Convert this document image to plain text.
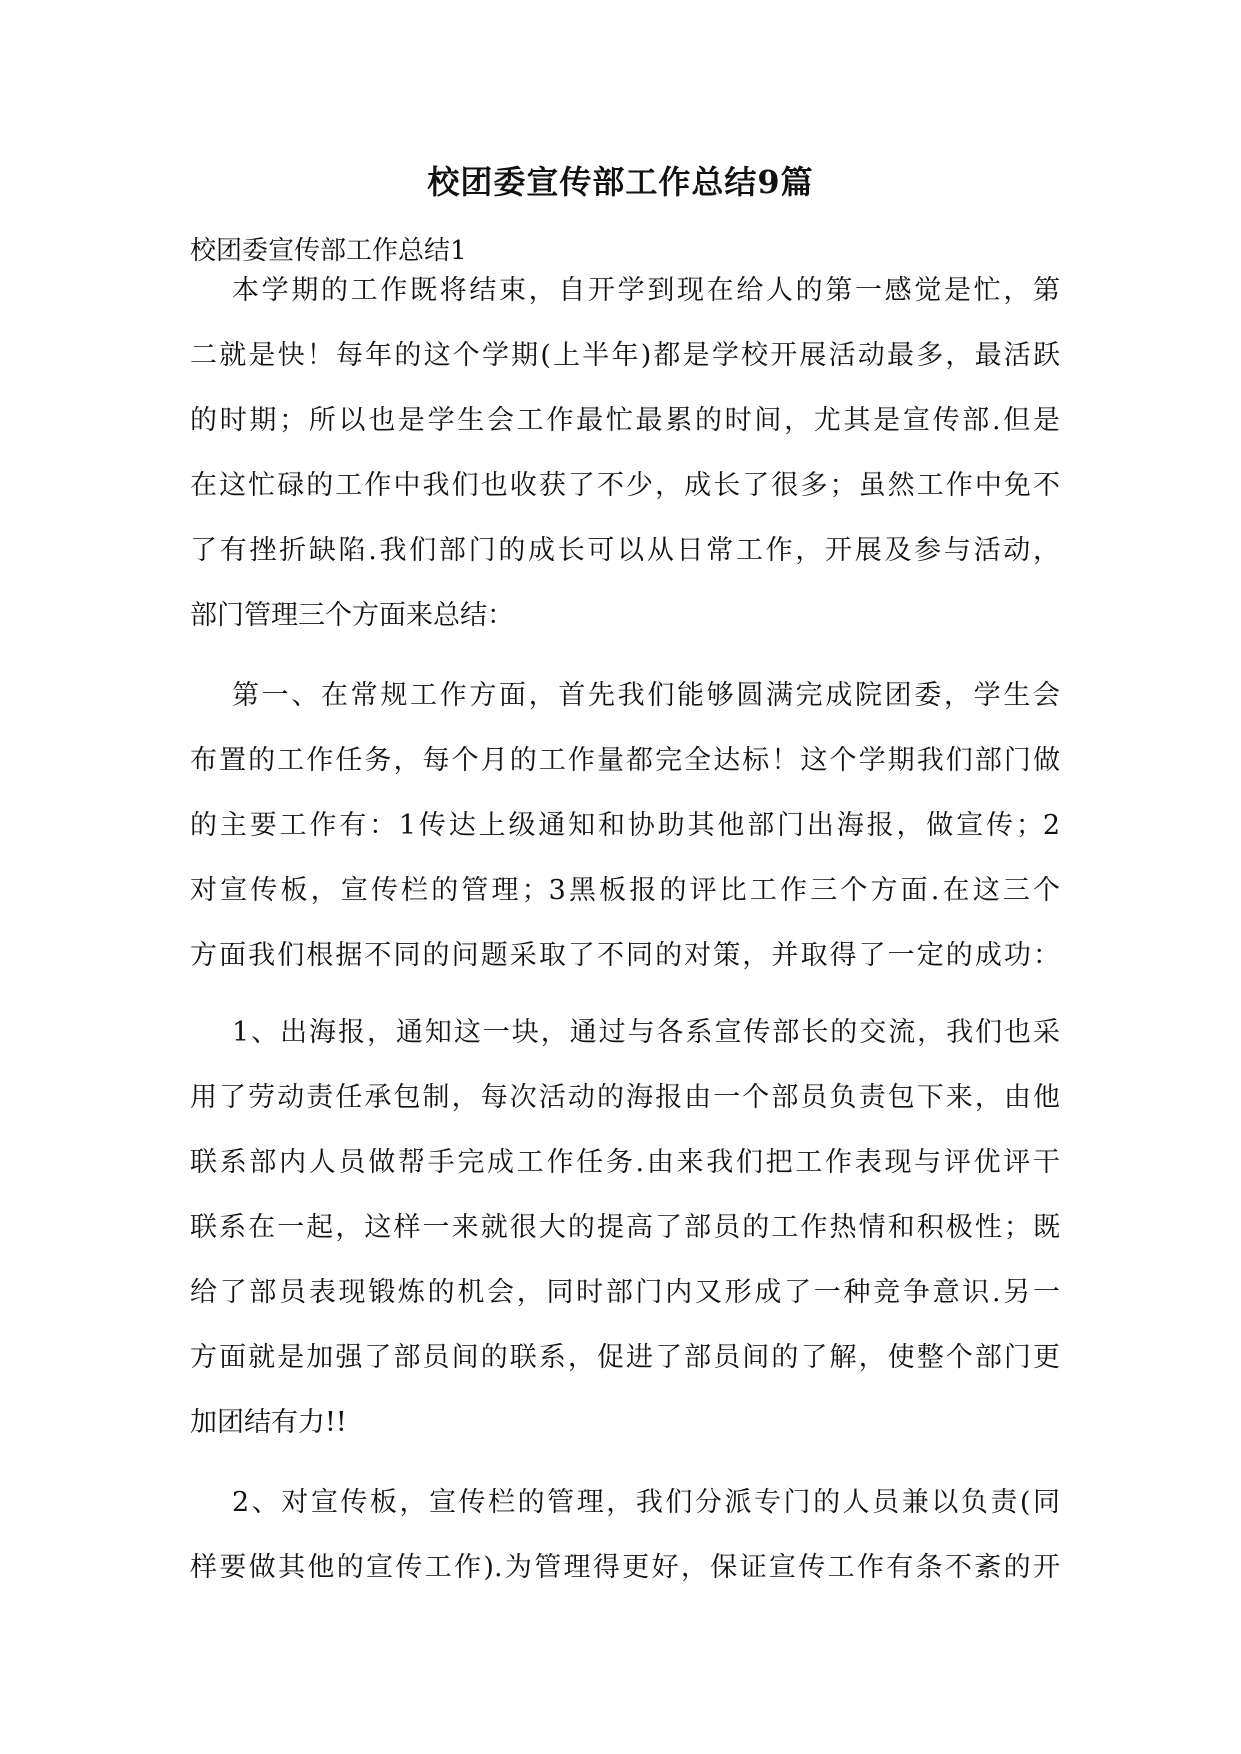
校团委宣传部工作总结9篇

校团委宣传部工作总结1

本学期的工作既将结束，自开学到现在给人的第一感觉是忙，第
二就是快！每年的这个学期(上半年)都是学校开展活动最多，最活跃
的时期；所以也是学生会工作最忙最累的时间，尤其是宣传部.但是
在这忙碌的工作中我们也收获了不少，成长了很多；虽然工作中免不
了有挫折缺陷.我们部门的成长可以从日常工作，开展及参与活动，
部门管理三个方面来总结：

第一、在常规工作方面，首先我们能够圆满完成院团委，学生会
布置的工作任务，每个月的工作量都完全达标！这个学期我们部门做
的主要工作有：1传达上级通知和协助其他部门出海报，做宣传；2
对宣传板，宣传栏的管理；3黑板报的评比工作三个方面.在这三个
方面我们根据不同的问题采取了不同的对策，并取得了一定的成功：

1、出海报，通知这一块，通过与各系宣传部长的交流，我们也采
用了劳动责任承包制，每次活动的海报由一个部员负责包下来，由他
联系部内人员做帮手完成工作任务.由来我们把工作表现与评优评干
联系在一起，这样一来就很大的提高了部员的工作热情和积极性；既
给了部员表现锻炼的机会，同时部门内又形成了一种竞争意识.另一
方面就是加强了部员间的联系，促进了部员间的了解，使整个部门更
加团结有力!!

2、对宣传板，宣传栏的管理，我们分派专门的人员兼以负责(同
样要做其他的宣传工作).为管理得更好，保证宣传工作有条不紊的开
